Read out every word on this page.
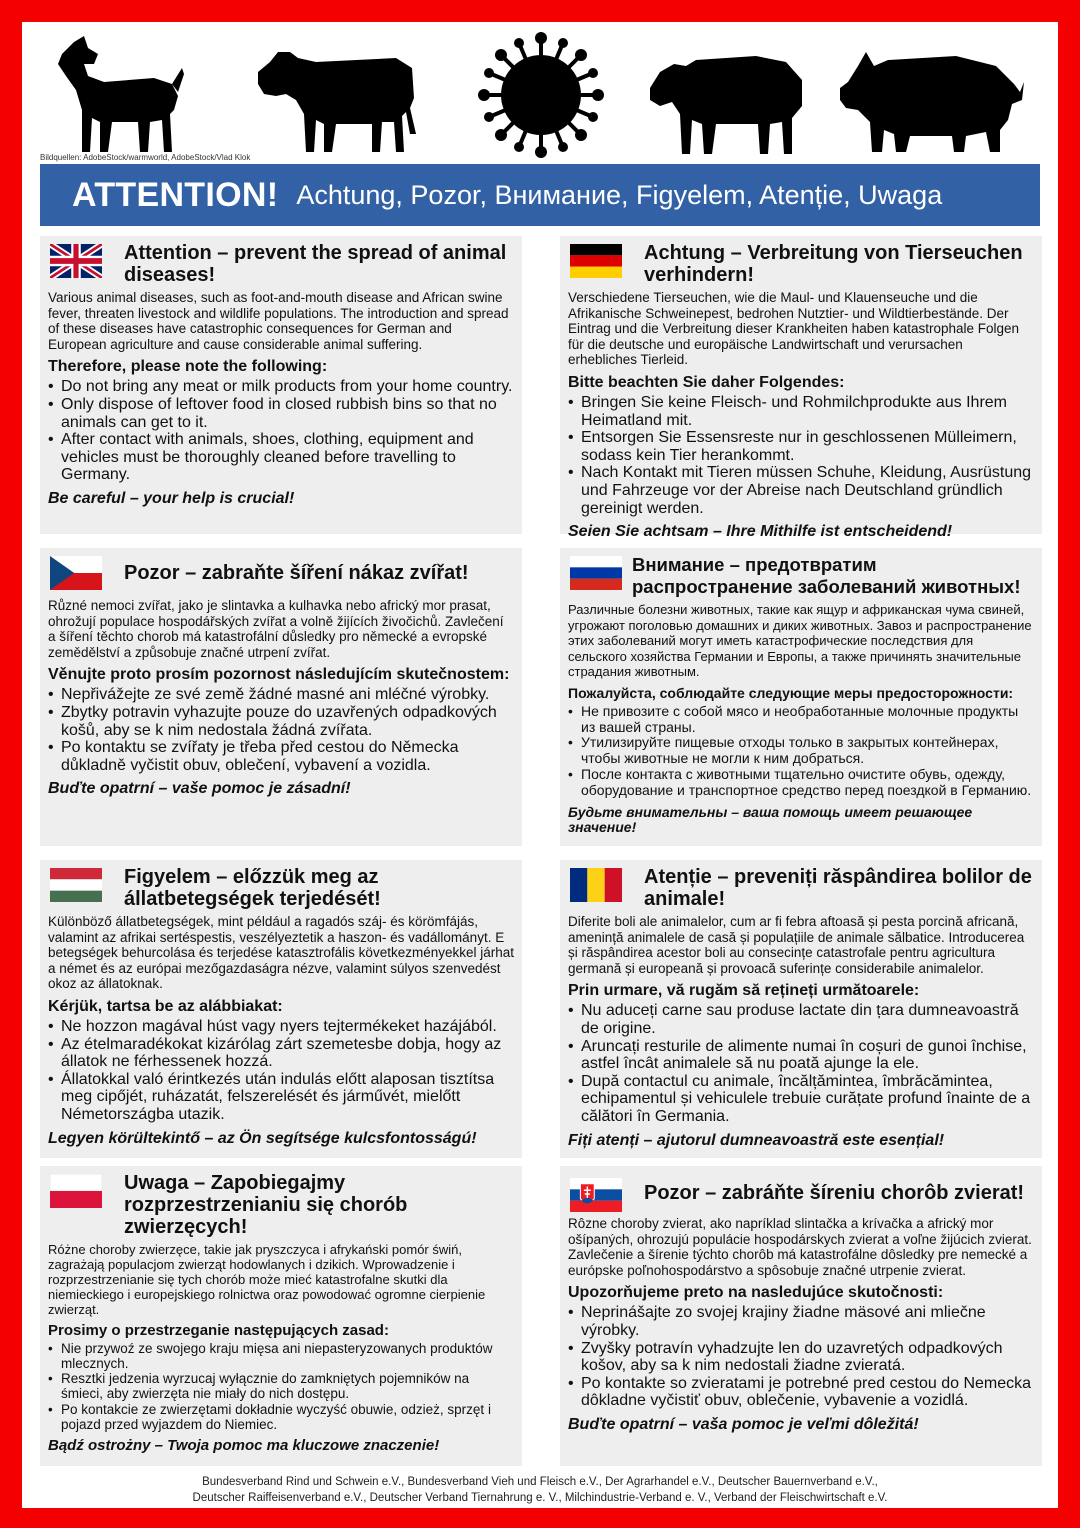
Bildquellen: AdobeStock/warmworld, AdobeStock/Vlad Klok
ATTENTION! Achtung, Pozor, Внимание, Figyelem, Atenție, Uwaga
Attention – prevent the spread of animal diseases!

Various animal diseases, such as foot-and-mouth disease and African swine fever, threaten livestock and wildlife populations. The introduction and spread of these diseases have catastrophic consequences for German and European agriculture and cause considerable animal suffering.

Therefore, please note the following:

• Do not bring any meat or milk products from your home country.
• Only dispose of leftover food in closed rubbish bins so that no animals can get to it.
• After contact with animals, shoes, clothing, equipment and vehicles must be thoroughly cleaned before travelling to Germany.

Be careful – your help is crucial!

Achtung – Verbreitung von Tierseuchen verhindern!

Verschiedene Tierseuchen, wie die Maul- und Klauenseuche und die Afrikanische Schweinepest, bedrohen Nutztier- und Wildtierbestände. Der Eintrag und die Verbreitung dieser Krankheiten haben katastrophale Folgen für die deutsche und europäische Landwirtschaft und verursachen erhebliches Tierleid.

Bitte beachten Sie daher Folgendes:

• Bringen Sie keine Fleisch- und Rohmilchprodukte aus Ihrem Heimatland mit.
• Entsorgen Sie Essensreste nur in geschlossenen Mülleimern, sodass kein Tier herankommt.
• Nach Kontakt mit Tieren müssen Schuhe, Kleidung, Ausrüstung und Fahrzeuge vor der Abreise nach Deutschland gründlich gereinigt werden.

Seien Sie achtsam – Ihre Mithilfe ist entscheidend!

Pozor – zabraňte šíření nákaz zvířat!

Různé nemoci zvířat, jako je slintavka a kulhavka nebo africký mor prasat, ohrožují populace hospodářských zvířat a volně žijících živočichů. Zavlečení a šíření těchto chorob má katastrofální důsledky pro německé a evropské zemědělství a způsobuje značné utrpení zvířat.

Věnujte proto prosím pozornost následujícím skutečnostem:

• Nepřivážejte ze své země žádné masné ani mléčné výrobky.
• Zbytky potravin vyhazujte pouze do uzavřených odpadkových košů, aby se k nim nedostala žádná zvířata.
• Po kontaktu se zvířaty je třeba před cestou do Německa důkladně vyčistit obuv, oblečení, vybavení a vozidla.

Buďte opatrní – vaše pomoc je zásadní!

Внимание – предотвратим распространение заболеваний животных!

Различные болезни животных, такие как ящур и африканская чума свиней, угрожают поголовью домашних и диких животных. Завоз и распространение этих заболеваний могут иметь катастрофические последствия для сельского хозяйства Германии и Европы, а также причинять значительные страдания животным.

Пожалуйста, соблюдайте следующие меры предосторожности:

• Не привозите с собой мясо и необработанные молочные продукты из вашей страны.
• Утилизируйте пищевые отходы только в закрытых контейнерах, чтобы животные не могли к ним добраться.
• После контакта с животными тщательно очистите обувь, одежду, оборудование и транспортное средство перед поездкой в Германию.

Будьте внимательны – ваша помощь имеет решающее значение!

Figyelem – előzzük meg az állatbetegségek terjedését!

Különböző állatbetegségek, mint például a ragadós száj- és körömfájás, valamint az afrikai sertéspestis, veszélyeztetik a haszon- és vadállományt. E betegségek behurcolása és terjedése katasztrofális következményekkel járhat a német és az európai mezőgazdaságra nézve, valamint súlyos szenvedést okoz az állatoknak.

Kérjük, tartsa be az alábbiakat:

• Ne hozzon magával húst vagy nyers tejtermékeket hazájából.
• Az ételmaradékokat kizárólag zárt szemetesbe dobja, hogy az állatok ne férhessenek hozzá.
• Állatokkal való érintkezés után indulás előtt alaposan tisztítsa meg cipőjét, ruházatát, felszerelését és járművét, mielőtt Németországba utazik.

Legyen körültekintő – az Ön segítsége kulcsfontosságú!

Atenție – preveniți răspândirea bolilor de animale!

Diferite boli ale animalelor, cum ar fi febra aftoasă și pesta porcină africană, amenință animalele de casă și populațiile de animale sălbatice. Introducerea și răspândirea acestor boli au consecințe catastrofale pentru agricultura germană și europeană și provoacă suferințe considerabile animalelor.

Prin urmare, vă rugăm să rețineți următoarele:

• Nu aduceți carne sau produse lactate din țara dumneavoastră de origine.
• Aruncați resturile de alimente numai în coșuri de gunoi închise, astfel încât animalele să nu poată ajunge la ele.
• După contactul cu animale, încălțămintea, îmbrăcămintea, echipamentul și vehiculele trebuie curățate profund înainte de a călători în Germania.

Fiți atenți – ajutorul dumneavoastră este esențial!

Uwaga – Zapobiegajmy rozprzestrzenianiu się chorób zwierzęcych!

Różne choroby zwierzęce, takie jak pryszczyca i afrykański pomór świń, zagrażają populacjom zwierząt hodowlanych i dzikich. Wprowadzenie i rozprzestrzenianie się tych chorób może mieć katastrofalne skutki dla niemieckiego i europejskiego rolnictwa oraz powodować ogromne cierpienie zwierząt.

Prosimy o przestrzeganie następujących zasad:

• Nie przywoź ze swojego kraju mięsa ani niepasteryzowanych produktów mlecznych.
• Resztki jedzenia wyrzucaj wyłącznie do zamkniętych pojemników na śmieci, aby zwierzęta nie miały do nich dostępu.
• Po kontakcie ze zwierzętami dokładnie wyczyść obuwie, odzież, sprzęt i pojazd przed wyjazdem do Niemiec.

Bądź ostrożny – Twoja pomoc ma kluczowe znaczenie!

Pozor – zabráňte šíreniu chorôb zvierat!

Rôzne choroby zvierat, ako napríklad slintačka a krívačka a africký mor ošípaných, ohrozujú populácie hospodárskych zvierat a voľne žijúcich zvierat. Zavlečenie a šírenie týchto chorôb má katastrofálne dôsledky pre nemecké a európske poľnohospodárstvo a spôsobuje značné utrpenie zvierat.

Upozorňujeme preto na nasledujúce skutočnosti:

• Neprinášajte zo svojej krajiny žiadne mäsové ani mliečne výrobky.
• Zvyšky potravín vyhadzujte len do uzavretých odpadkových košov, aby sa k nim nedostali žiadne zvieratá.
• Po kontakte so zvieratami je potrebné pred cestou do Nemecka dôkladne vyčistiť obuv, oblečenie, vybavenie a vozidlá.

Buďte opatrní – vaša pomoc je veľmi dôležitá!

Bundesverband Rind und Schwein e.V., Bundesverband Vieh und Fleisch e.V., Der Agrarhandel e.V., Deutscher Bauernverband e.V.,
Deutscher Raiffeisenverband e.V., Deutscher Verband Tiernahrung e. V., Milchindustrie-Verband e. V., Verband der Fleischwirtschaft e.V.
